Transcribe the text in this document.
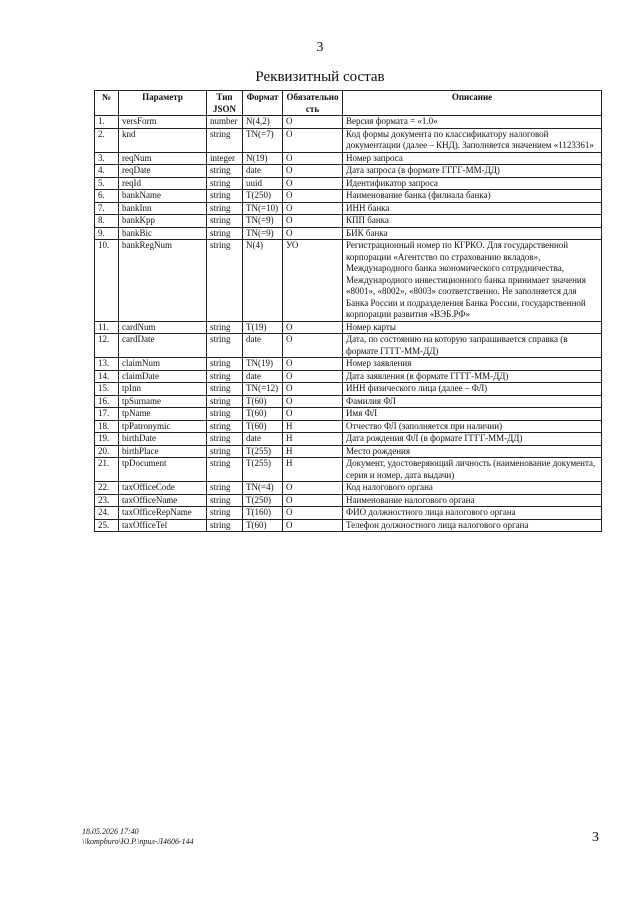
3
Реквизитный состав
№	Параметр	Тип JSON	Формат	Обязательно сть	Описание
1.	versForm	number	N(4,2)	О	Версия формата = «1.0»
2.	knd	string	TN(=7)	О	Код формы документа по классификатору налоговой документации (далее – КНД). Заполняется значением «1123361»
3.	reqNum	integer	N(19)	О	Номер запроса
4.	reqDate	string	date	О	Дата запроса (в формате ГГГГ-ММ-ДД)
5.	reqId	string	uuid	О	Идентификатор запроса
6.	bankName	string	T(250)	О	Наименование банка (филиала банка)
7.	bankInn	string	TN(=10)	О	ИНН банка
8.	bankKpp	string	TN(=9)	О	КПП банка
9.	bankBic	string	TN(=9)	О	БИК банка
10.	bankRegNum	string	N(4)	УО	Регистрационный номер по КГРКО. Для государственной корпорации «Агентство по страхованию вкладов», Международного банка экономического сотрудничества, Международного инвестиционного банка принимает значения «8001», «8002», «8003» соответственно. Не заполняется для Банка России и подразделения Банка России, государственной корпорации развития «ВЭБ.РФ»
11.	cardNum	string	T(19)	О	Номер карты
12.	cardDate	string	date	О	Дата, по состоянию на которую запрашивается справка (в формате ГГГГ-ММ-ДД)
13.	claimNum	string	TN(19)	О	Номер заявления
14.	claimDate	string	date	О	Дата заявления (в формате ГГГГ-ММ-ДД)
15.	tpInn	string	TN(=12)	О	ИНН физического лица (далее – ФЛ)
16.	tpSurname	string	T(60)	О	Фамилия ФЛ
17.	tpName	string	T(60)	О	Имя ФЛ
18.	tpPatronymic	string	T(60)	Н	Отчество ФЛ (заполняется при наличии)
19.	birthDate	string	date	Н	Дата рождения ФЛ (в формате ГГГГ-ММ-ДД)
20.	birthPlace	string	T(255)	Н	Место рождения
21.	tpDocument	string	T(255)	Н	Документ, удостоверяющий личность (наименование документа, серия и номер, дата выдачи)
22.	taxOfficeCode	string	TN(=4)	О	Код налогового органа
23.	taxOfficeName	string	T(250)	О	Наименование налогового органа
24.	taxOfficeRepName	string	T(160)	О	ФИО должностного лица налогового органа
25.	taxOfficeTel	string	T(60)	О	Телефон должностного лица налогового органа
18.05.2026 17:40
\\kompburo\Ю.Р.\прил-Л4606-144	3
